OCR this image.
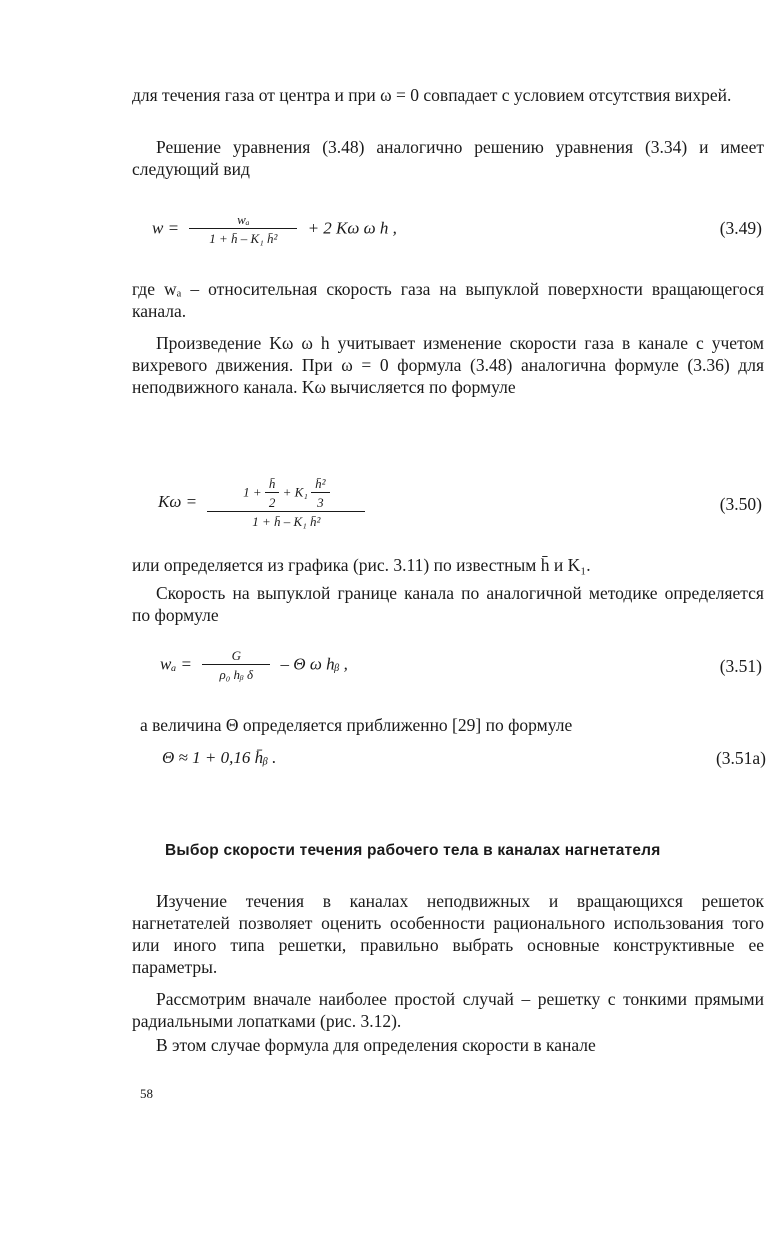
для течения газа от центра и при ω = 0 совпадает с условием отсутствия вихрей.
Решение уравнения (3.48) аналогично решению уравнения (3.34) и имеет следующий вид
$w = \frac{\text{wₐ}}{\text{1 + h̄ – K₁ h̄²}} + 2$ Kω ω h ,	(3.49)
где wₐ – относительная скорость газа на выпуклой поверхности вращающегося канала.
Произведение Kω ω h учитывает изменение скорости газа в канале с учетом вихревого движения. При ω = 0 формула (3.48) аналогична формуле (3.36) для неподвижного канала. Kω вычисляется по формуле
Kω =	$1 + \frac{h̄}{2} + K_1 \frac{\text{h̄²}}{3}$
1 + h̄ – K₁ h̄²
(3.50)
или определяется из графика (рис. 3.11) по известным h̄ и K₁.
Скорость на выпуклой границе канала по аналогичной методике определяется по формуле
$w_a = \frac{G}{\text{ρ₀ hᵦ δ}} - \Theta$ ω hᵦ ,	(3.51)
а величина Θ определяется приближенно [29] по формуле
Θ ≈ 1 + 0,16 h̄ᵦ .	(3.51а)
Выбор скорости течения рабочего тела в каналах нагнетателя
Изучение течения в каналах неподвижных и вращающихся решеток нагнетателей позволяет оценить особенности рационального использования того или иного типа решетки, правильно выбрать основные конструктивные ее параметры.
Рассмотрим вначале наиболее простой случай – решетку с тонкими прямыми радиальными лопатками (рис. 3.12).
В этом случае формула для определения скорости в канале
58
